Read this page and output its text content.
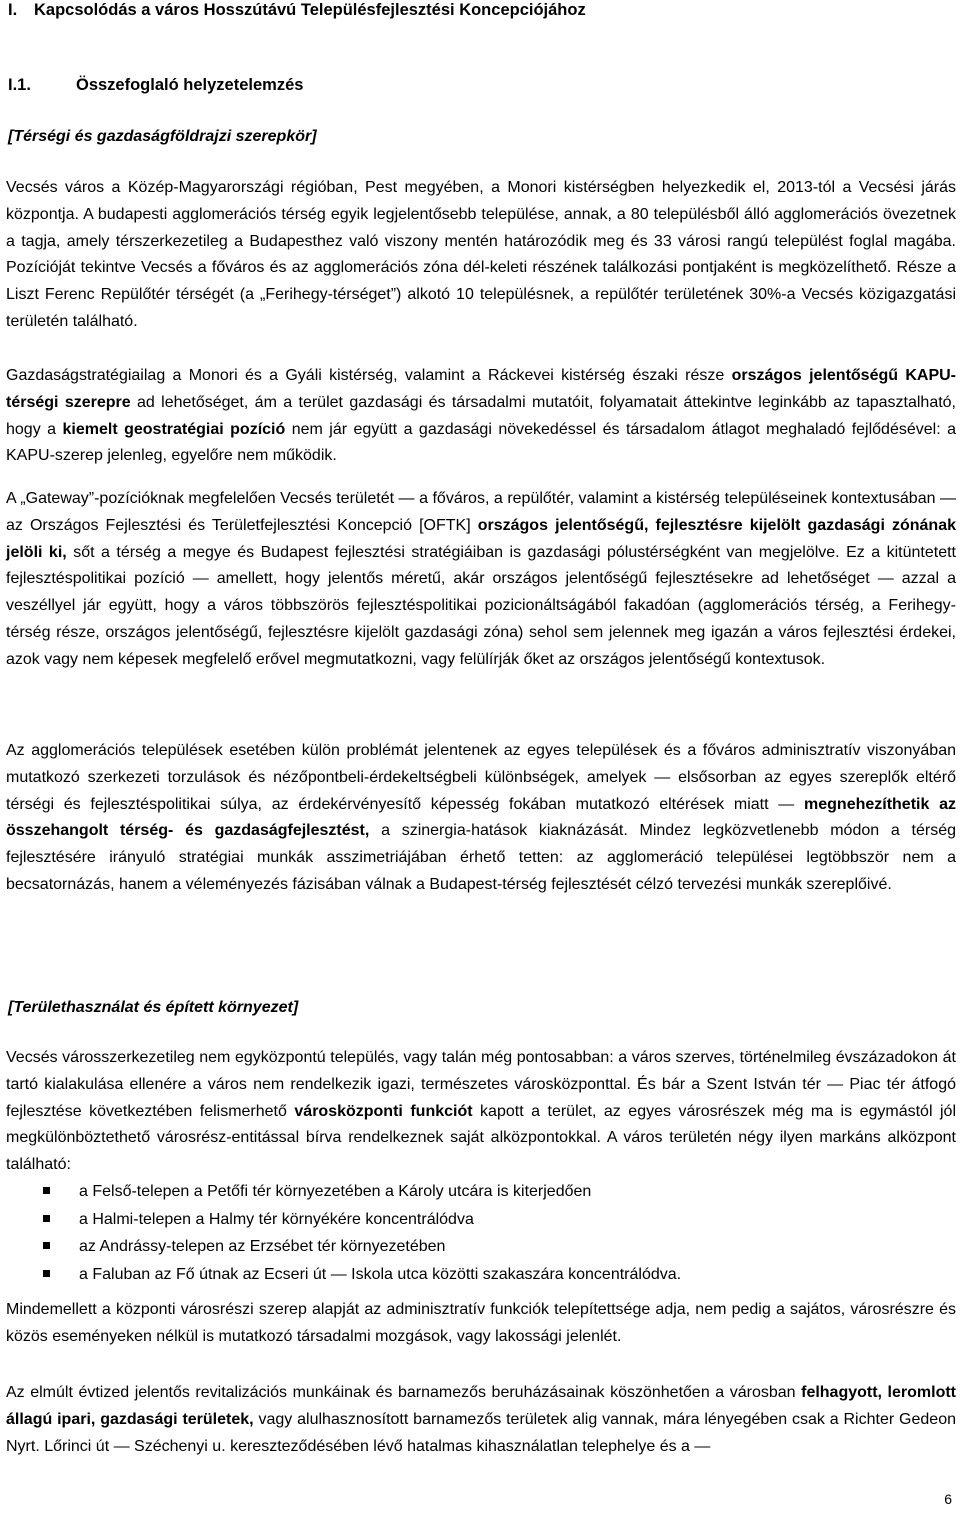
I. Kapcsolódás a város Hosszútávú Településfejlesztési Koncepciójához
I.1.	Összefoglaló helyzetelemzés
[Térségi és gazdaságföldrajzi szerepkör]
Vecsés város a Közép-Magyarországi régióban, Pest megyében, a Monori kistérségben helyezkedik el, 2013-tól a Vecsési járás központja. A budapesti agglomerációs térség egyik legjelentősebb települése, annak, a 80 településből álló agglomerációs övezetnek a tagja, amely térszerkezetileg a Budapesthez való viszony mentén határozódik meg és 33 városi rangú települést foglal magába. Pozícióját tekintve Vecsés a főváros és az agglomerációs zóna dél-keleti részének találkozási pontjaként is megközelíthető. Része a Liszt Ferenc Repülőtér térségét (a „Ferihegy-térséget”) alkotó 10 településnek, a repülőtér területének 30%-a Vecsés közigazgatási területén található.
Gazdaságstratégiailag a Monori és a Gyáli kistérség, valamint a Ráckevei kistérség északi része országos jelentőségű KAPU-térségi szerepre ad lehetőséget, ám a terület gazdasági és társadalmi mutatóit, folyamatait áttekintve leginkább az tapasztalható, hogy a kiemelt geostratégiai pozíció nem jár együtt a gazdasági növekedéssel és társadalom átlagot meghaladó fejlődésével: a KAPU-szerep jelenleg, egyelőre nem működik.
A „Gateway”-pozícióknak megfelelően Vecsés területét — a főváros, a repülőtér, valamint a kistérség településeinek kontextusában — az Országos Fejlesztési és Területfejlesztési Koncepció [OFTK] országos jelentőségű, fejlesztésre kijelölt gazdasági zónának jelöli ki, sőt a térség a megye és Budapest fejlesztési stratégiáiban is gazdasági pólustérségként van megjelölve. Ez a kitüntetett fejlesztéspolitikai pozíció — amellett, hogy jelentős méretű, akár országos jelentőségű fejlesztésekre ad lehetőséget — azzal a veszéllyel jár együtt, hogy a város többszörös fejlesztéspolitikai pozicionáltságából fakadóan (agglomerációs térség, a Ferihegy-térség része, országos jelentőségű, fejlesztésre kijelölt gazdasági zóna) sehol sem jelennek meg igazán a város fejlesztési érdekei, azok vagy nem képesek megfelelő erővel megmutatkozni, vagy felülírják őket az országos jelentőségű kontextusok.
Az agglomerációs települések esetében külön problémát jelentenek az egyes települések és a főváros adminisztratív viszonyában mutatkozó szerkezeti torzulások és nézőpontbeli-érdekeltségbeli különbségek, amelyek — elsősorban az egyes szereplők eltérő térségi és fejlesztéspolitikai súlya, az érdekérvényesítő képesség fokában mutatkozó eltérések miatt — megnehezíthetik az összehangolt térség- és gazdaságfejlesztést, a szinergia-hatások kiaknázását. Mindez legközvetlenebb módon a térség fejlesztésére irányuló stratégiai munkák asszimetriájában érhető tetten: az agglomeráció települései legtöbbször nem a becsatornázás, hanem a véleményezés fázisában válnak a Budapest-térség fejlesztését célzó tervezési munkák szereplőivé.
[Területhasználat és épített környezet]
Vecsés városszerkezetileg nem egyközpontú település, vagy talán még pontosabban: a város szerves, történelmileg évszázadokon át tartó kialakulása ellenére a város nem rendelkezik igazi, természetes városközponttal. És bár a Szent István tér — Piac tér átfogó fejlesztése következtében felismerhető városközponti funkciót kapott a terület, az egyes városrészek még ma is egymástól jól megkülönböztethető városrész-entitással bírva rendelkeznek saját alközpontokkal. A város területén négy ilyen markáns alközpont található:
a Felső-telepen a Petőfi tér környezetében a Károly utcára is kiterjedően
a Halmi-telepen a Halmy tér környékére koncentrálódva
az Andrássy-telepen az Erzsébet tér környezetében
a Faluban az Fő útnak az Ecseri út — Iskola utca közötti szakaszára koncentrálódva.
Mindemellett a központi városrészi szerep alapját az adminisztratív funkciók telepítettsége adja, nem pedig a sajátos, városrészre és közös eseményeken nélkül is mutatkozó társadalmi mozgások, vagy lakossági jelenlét.
Az elmúlt évtized jelentős revitalizációs munkáinak és barnamezős beruházásainak köszönhetően a városban felhagyott, leromlott állagú ipari, gazdasági területek, vagy alulhasznosított barnamezős területek alig vannak, mára lényegében csak a Richter Gedeon Nyrt. Lőrinci út — Széchenyi u. kereszteződésében lévő hatalmas kihasználatlan telephelye és a —
6
